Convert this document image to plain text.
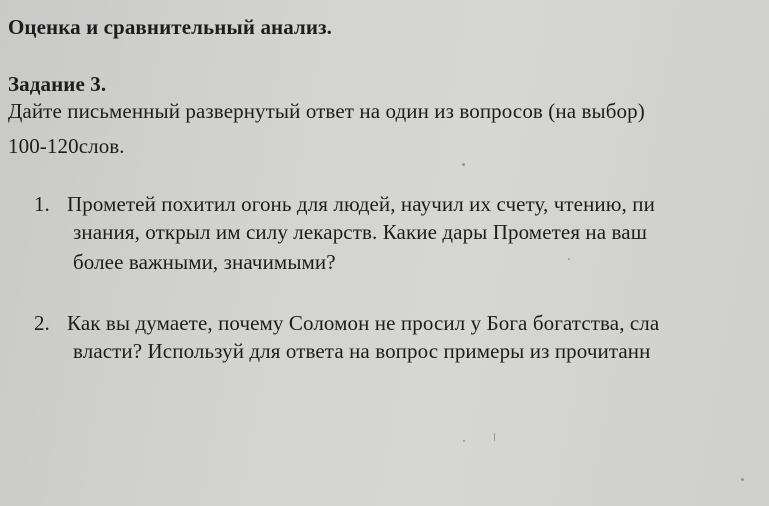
Оценка и сравнительный анализ.
Задание 3.
Дайте письменный развернутый ответ на один из вопросов (на выбор)
100-120слов.
1. Прометей похитил огонь для людей, научил их счету, чтению, пи
знания, открыл им силу лекарств. Какие дары Прометея на ваш
более важными, значимыми?
2. Как вы думаете, почему Соломон не просил у Бога богатства, сла
власти? Используй для ответа на вопрос примеры из прочитанн
